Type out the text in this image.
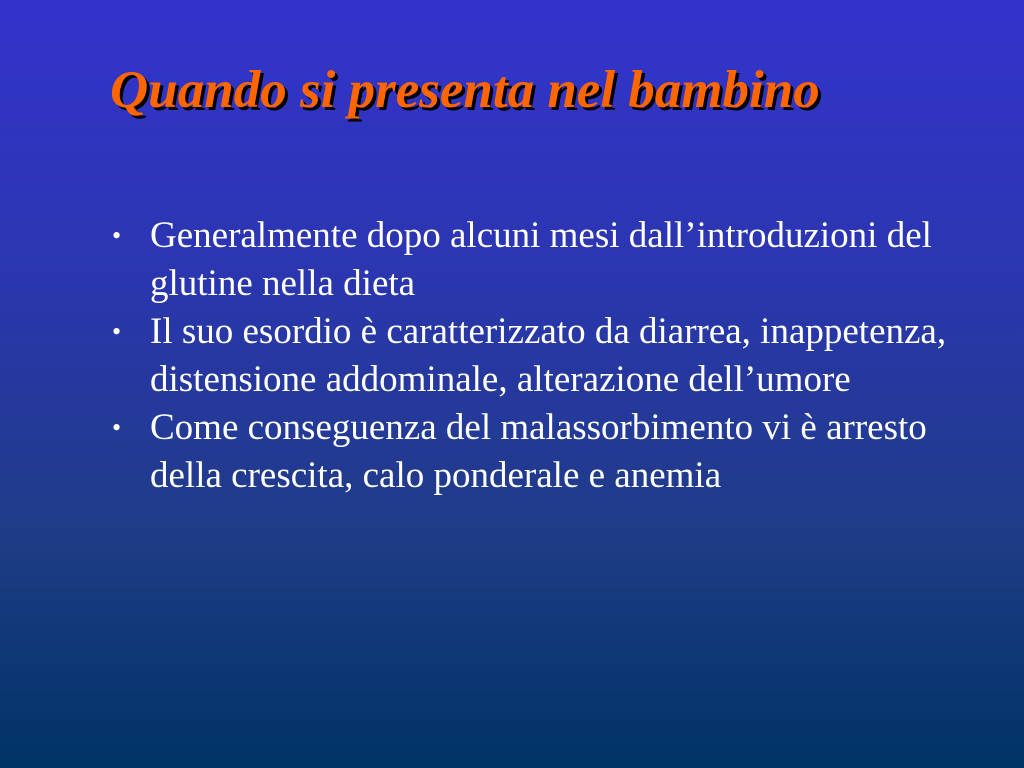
Quando si presenta nel bambino
• Generalmente dopo alcuni mesi dall’introduzioni del glutine nella dieta
• Il suo esordio è caratterizzato da diarrea, inappetenza, distensione addominale, alterazione dell’umore
• Come conseguenza del malassorbimento vi è arresto della crescita, calo ponderale e anemia
